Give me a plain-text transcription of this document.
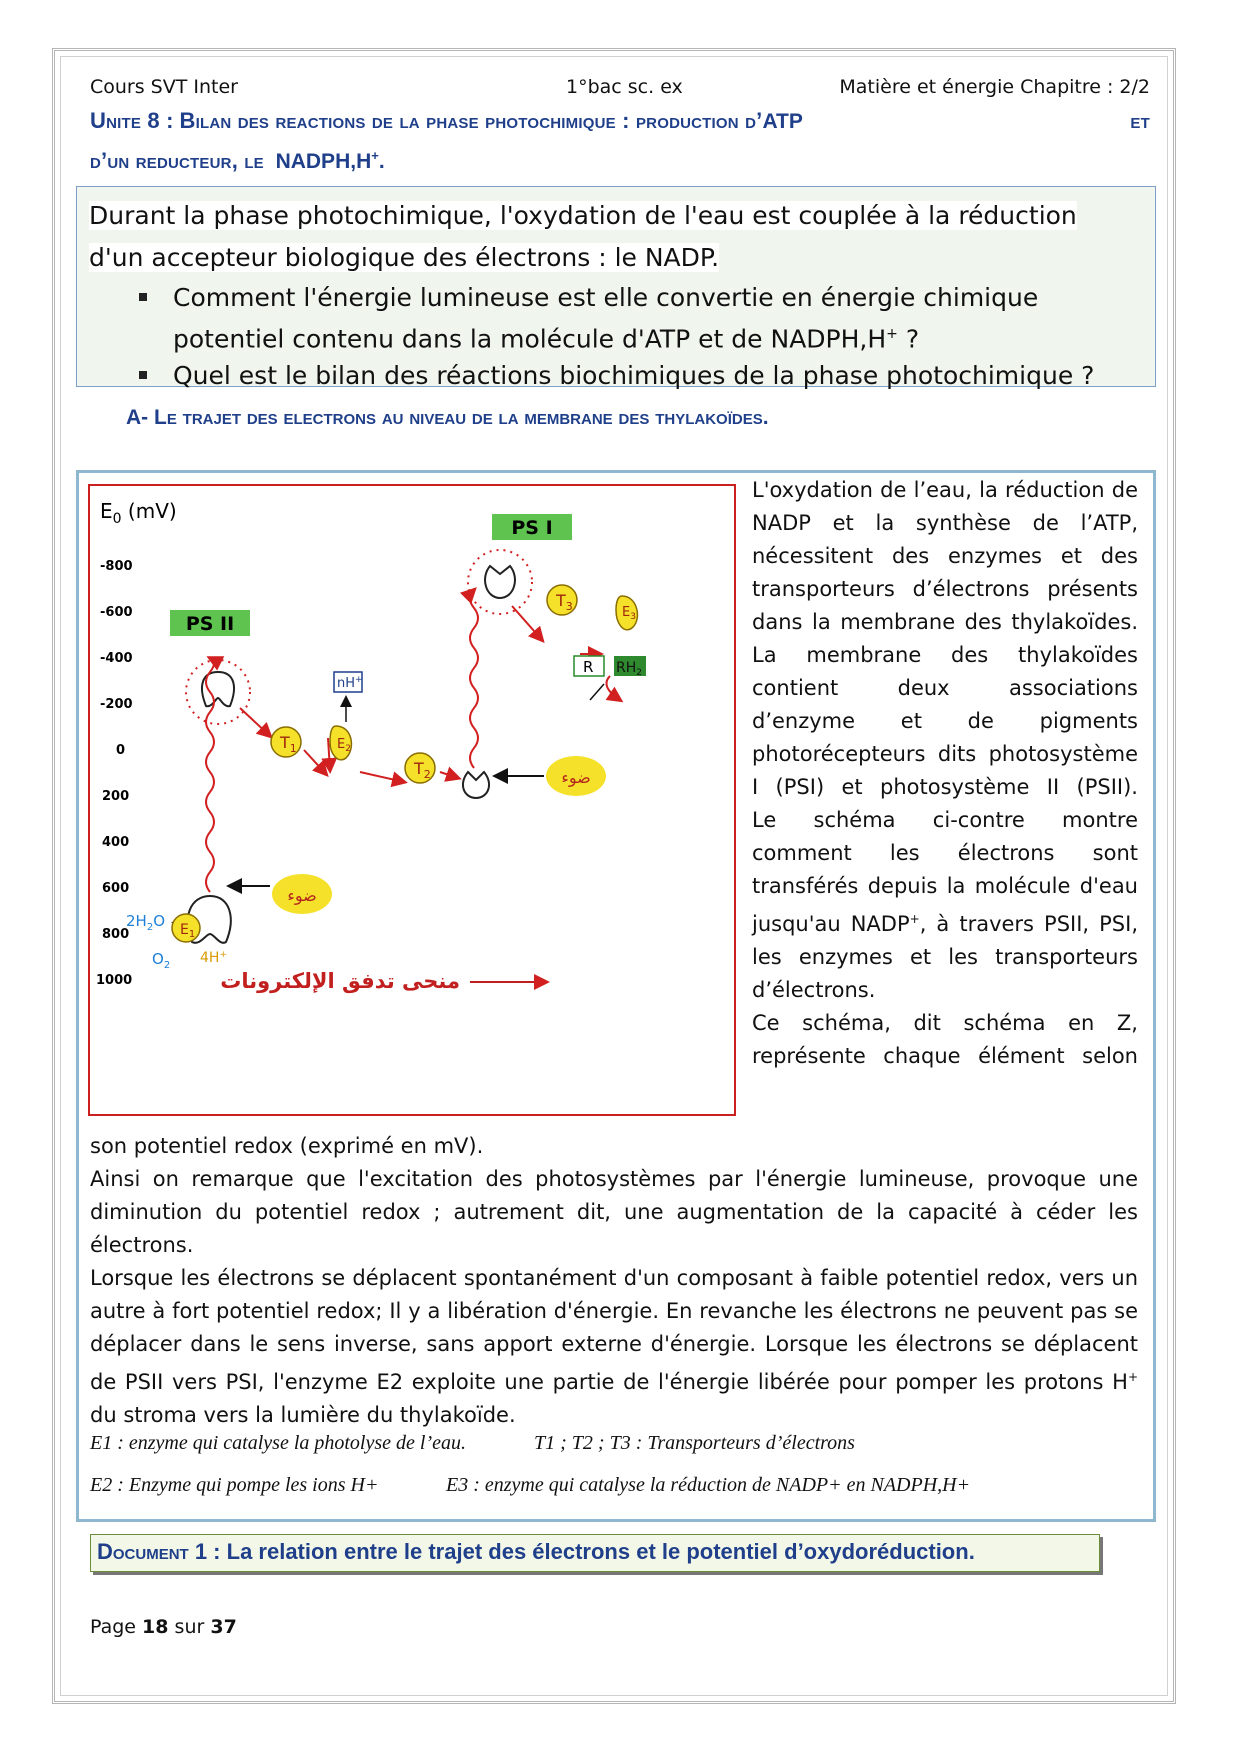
Cours SVT Inter	1°bac sc. ex	Matière et énergie Chapitre : 2/2
Unite 8 : Bilan des reactions de la phase photochimique : production d’ATP	et
d’un reducteur, le NADPH,H+.
Durant la phase photochimique, l'oxydation de l'eau est couplée à la réduction
d'un accepteur biologique des électrons : le NADP.
Comment l'énergie lumineuse est elle convertie en énergie chimique
potentiel contenu dans la molécule d'ATP et de NADPH,H+ ?
Quel est le bilan des réactions biochimiques de la phase photochimique ?
A- Le trajet des electrons au niveau de la membrane des thylakoïdes.
$E_0$ (mV)
-800
-600
-400
-200
0
200
400
600
800
1000
PS I
PS II
$T_1$	$E_2$
$T_2$
$T_3$	$E_3$
$E_1$
nH+
R $RH_2$
$2H_2O$
$O_2$ 4H+
ضوء
ضوء
منحى تدفق الإلكترونات

L'oxydation de l’eau, la réduction de NADP et la synthèse de l’ATP, nécessitent des enzymes et des transporteurs d’électrons présents dans la membrane des thylakoïdes.

La membrane des thylakoïdes contient deux associations d’enzyme et de pigments photorécepteurs dits photosystème I (PSI) et photosystème II (PSII).

Le schéma ci-contre montre comment les électrons sont transférés depuis la molécule d'eau jusqu'au NADP+, à travers PSII, PSI, les enzymes et les transporteurs d’électrons.

Ce schéma, dit schéma en Z, représente chaque élément selon

son potentiel redox (exprimé en mV).

Ainsi on remarque que l'excitation des photosystèmes par l'énergie lumineuse, provoque une diminution du potentiel redox ; autrement dit, une augmentation de la capacité à céder les électrons.

Lorsque les électrons se déplacent spontanément d'un composant à faible potentiel redox, vers un autre à fort potentiel redox; Il y a libération d'énergie. En revanche les électrons ne peuvent pas se déplacer dans le sens inverse, sans apport externe d'énergie. Lorsque les électrons se déplacent de PSII vers PSI, l'enzyme E2 exploite une partie de l'énergie libérée pour pomper les protons H+ du stroma vers la lumière du thylakoïde.

E1 : enzyme qui catalyse la photolyse de l’eau.	T1 ; T2 ; T3 : Transporteurs d’électrons
E2 : Enzyme qui pompe les ions H+	E3 : enzyme qui catalyse la réduction de NADP+ en NADPH,H+
Document 1 : La relation entre le trajet des électrons et le potentiel d’oxydoréduction.
Page 18 sur 37
